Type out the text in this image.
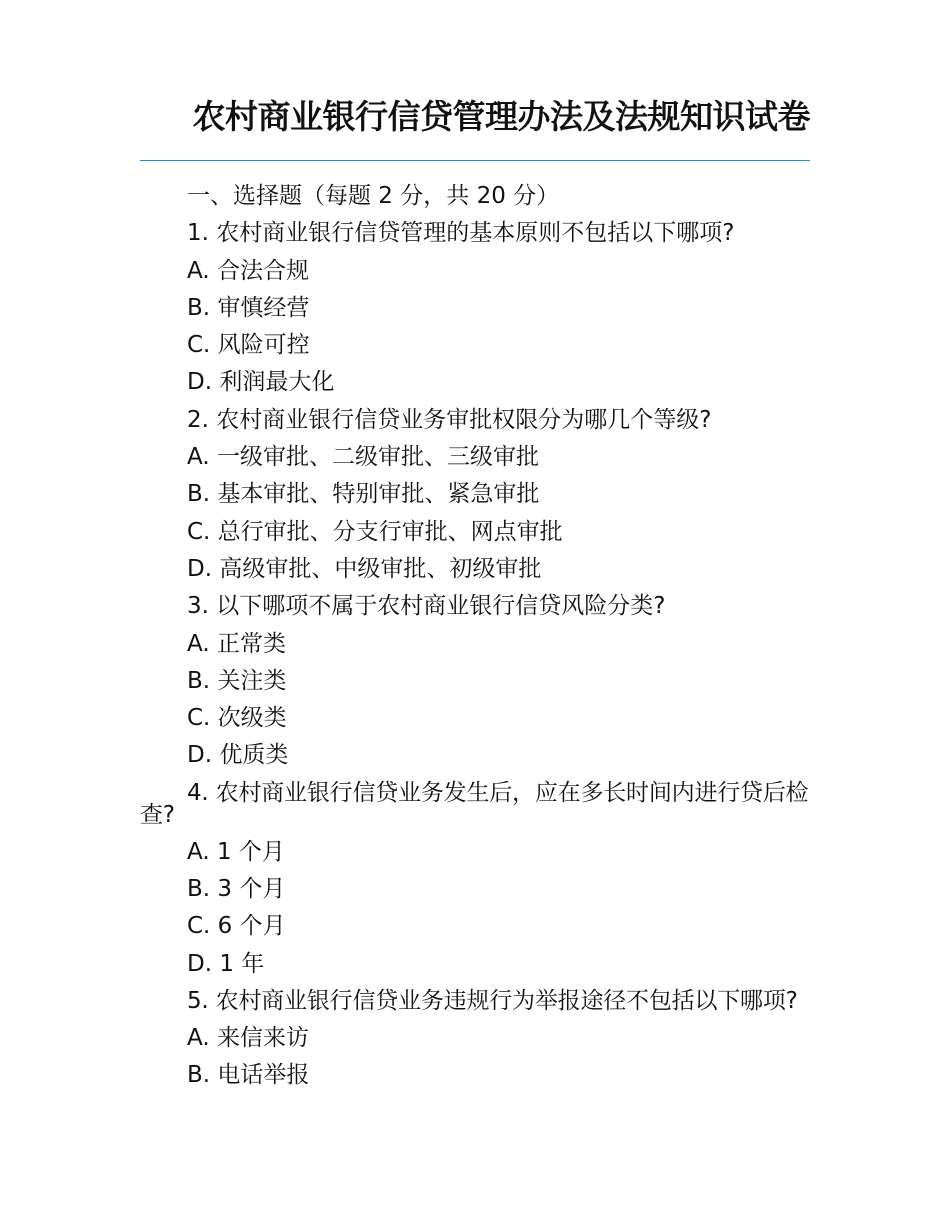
农村商业银行信贷管理办法及法规知识试卷
一、选择题（每题 2 分，共 20 分）
1. 农村商业银行信贷管理的基本原则不包括以下哪项?
A. 合法合规
B. 审慎经营
C. 风险可控
D. 利润最大化
2. 农村商业银行信贷业务审批权限分为哪几个等级?
A. 一级审批、二级审批、三级审批
B. 基本审批、特别审批、紧急审批
C. 总行审批、分支行审批、网点审批
D. 高级审批、中级审批、初级审批
3. 以下哪项不属于农村商业银行信贷风险分类?
A. 正常类
B. 关注类
C. 次级类
D. 优质类
4. 农村商业银行信贷业务发生后，应在多长时间内进行贷后检查?
A. 1 个月
B. 3 个月
C. 6 个月
D. 1 年
5. 农村商业银行信贷业务违规行为举报途径不包括以下哪项?
A. 来信来访
B. 电话举报
